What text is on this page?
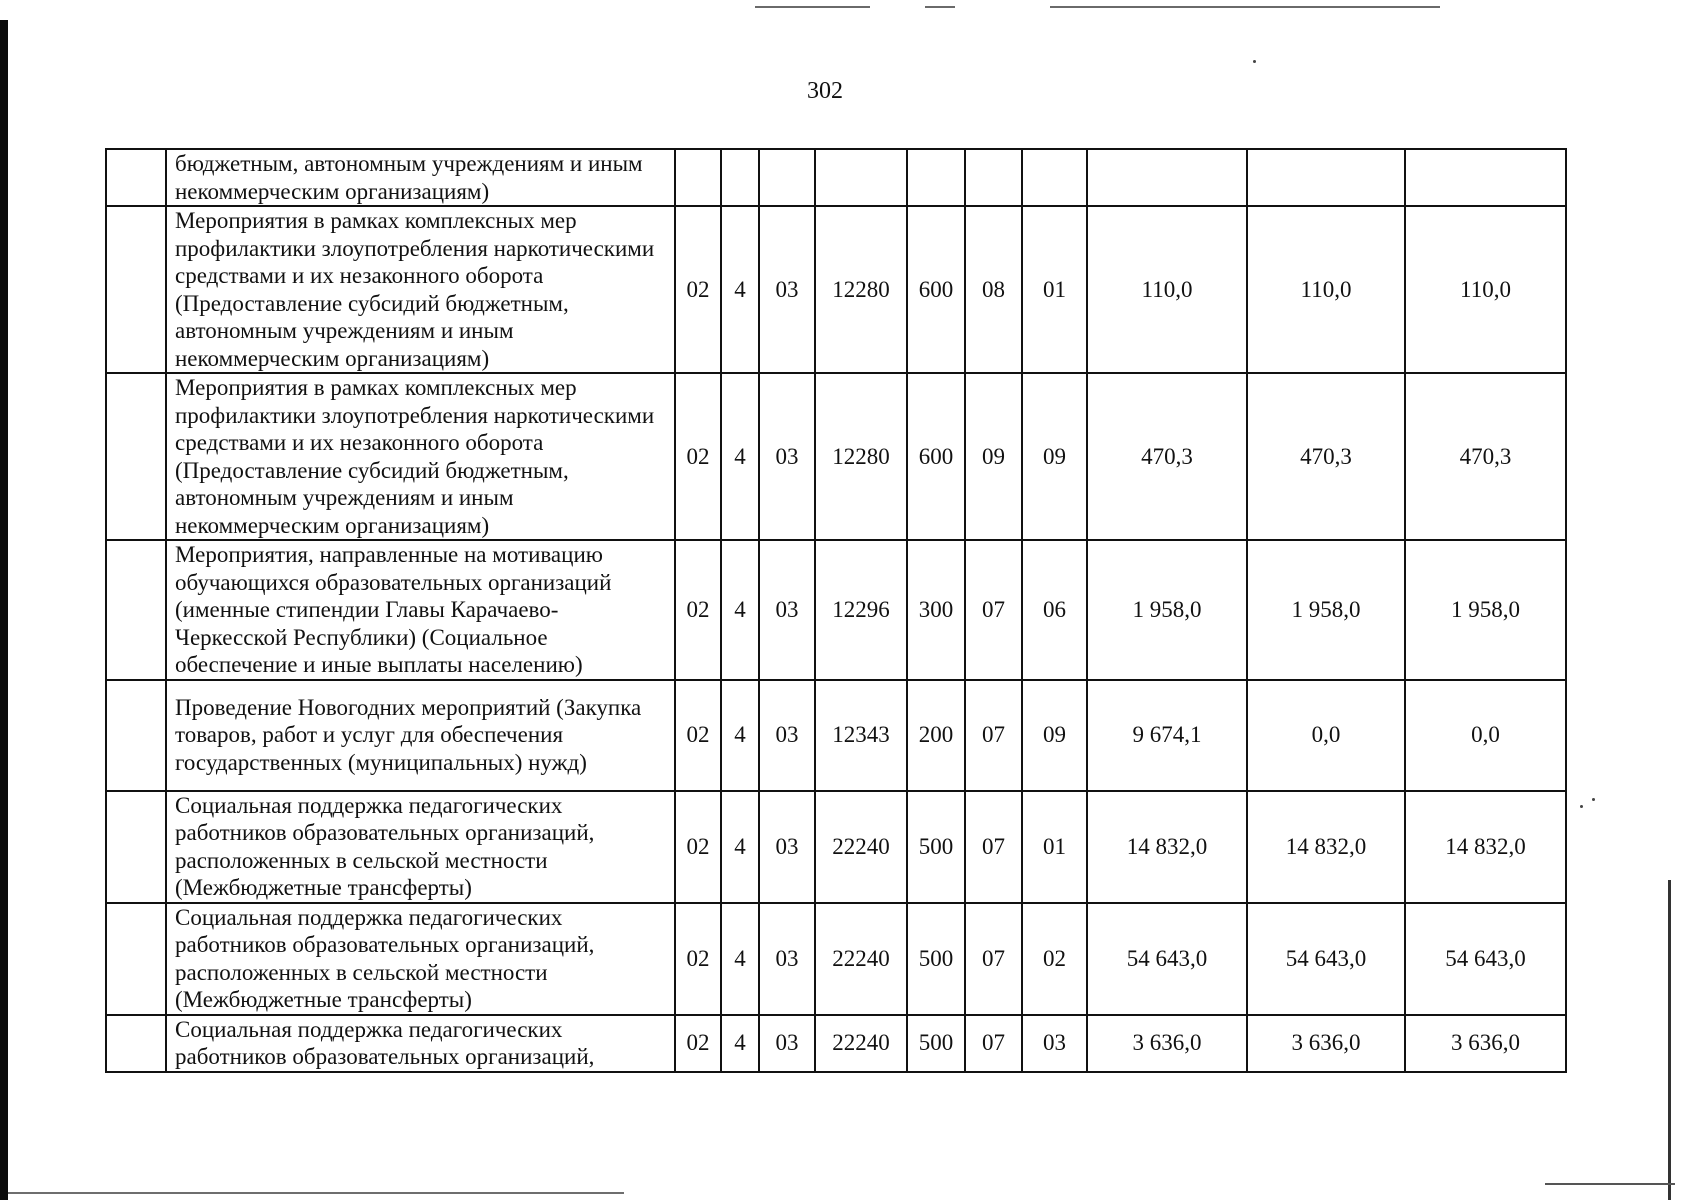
302
	бюджетным, автономным учреждениям и иным некоммерческим организациям)										
	Мероприятия в рамках комплексных мер профилактики злоупотребления наркотическими средствами и их незаконного оборота (Предоставление субсидий бюджетным, автономным учреждениям и иным некоммерческим организациям)	02	4	03	12280	600	08	01	110,0	110,0	110,0
	Мероприятия в рамках комплексных мер профилактики злоупотребления наркотическими средствами и их незаконного оборота (Предоставление субсидий бюджетным, автономным учреждениям и иным некоммерческим организациям)	02	4	03	12280	600	09	09	470,3	470,3	470,3
	Мероприятия, направленные на мотивацию обучающихся образовательных организаций (именные стипендии Главы Карачаево-Черкесской Республики) (Социальное обеспечение и иные выплаты населению)	02	4	03	12296	300	07	06	1 958,0	1 958,0	1 958,0
	Проведение Новогодних мероприятий (Закупка товаров, работ и услуг для обеспечения государственных (муниципальных) нужд)	02	4	03	12343	200	07	09	9 674,1	0,0	0,0
	Социальная поддержка педагогических работников образовательных организаций, расположенных в сельской местности (Межбюджетные трансферты)	02	4	03	22240	500	07	01	14 832,0	14 832,0	14 832,0
	Социальная поддержка педагогических работников образовательных организаций, расположенных в сельской местности (Межбюджетные трансферты)	02	4	03	22240	500	07	02	54 643,0	54 643,0	54 643,0
	Социальная поддержка педагогических работников образовательных организаций,	02	4	03	22240	500	07	03	3 636,0	3 636,0	3 636,0
